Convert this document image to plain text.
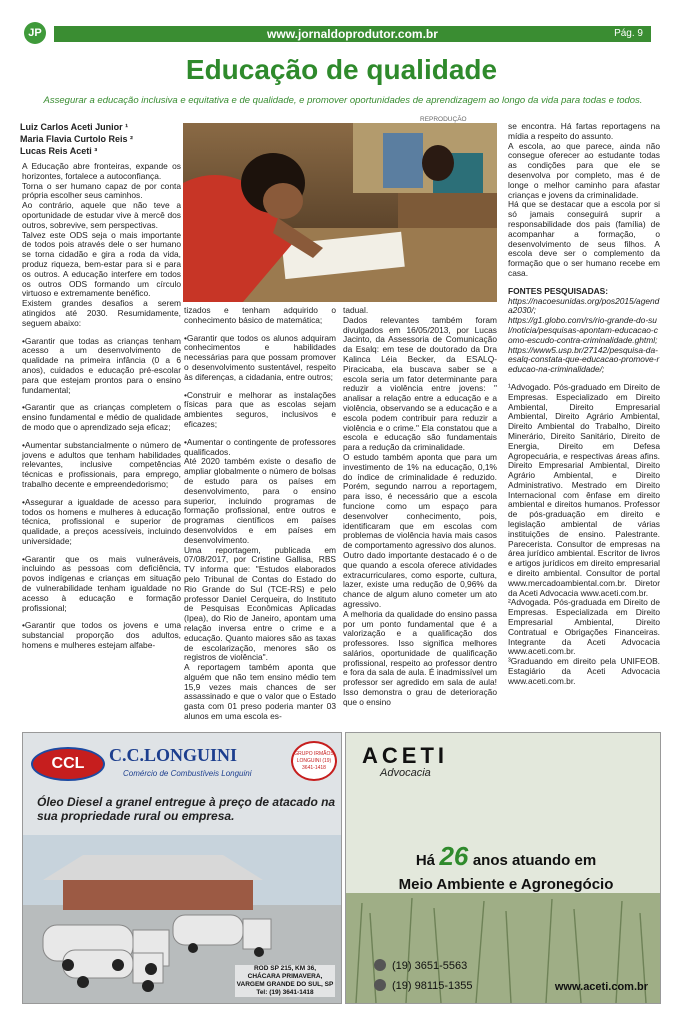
JP	www.jornaldoprodutor.com.br	Pág. 9
Educação de qualidade
Assegurar a educação inclusiva e equitativa e de qualidade, e promover oportunidades de aprendizagem ao longo da vida para todas e todos.
Luiz Carlos Aceti Junior ¹
Maria Flavia Curtolo Reis ²
Lucas Reis Aceti ³
REPRODUÇÃO

A Educação abre fronteiras, expande os horizontes, fortalece a autoconfiança.

Torna o ser humano capaz de por conta própria escolher seus caminhos.

Ao contrário, aquele que não teve a oportunidade de estudar vive à mercê dos outros, sobrevive, sem perspectivas.

Talvez este ODS seja o mais importante de todos pois através dele o ser humano se torna cidadão e gira a roda da vida, produz riqueza, bem-estar para si e para os outros. A educação interfere em todos os outros ODS formando um círculo virtuoso e extremamente benéfico.

Existem grandes desafios a serem atingidos até 2030. Resumidamente, seguem abaixo:

•Garantir que todas as crianças tenham acesso a um desenvolvimento de qualidade na primeira infância (0 a 6 anos), cuidados e educação pré-escolar para que estejam prontos para o ensino fundamental;

•Garantir que as crianças completem o ensino fundamental e médio de qualidade de modo que o aprendizado seja eficaz;

•Aumentar substancialmente o número de jovens e adultos que tenham habilidades relevantes, inclusive competências técnicas e profissionais, para emprego, trabalho decente e empreendedorismo;

•Assegurar a igualdade de acesso para todos os homens e mulheres à educação técnica, profissional e superior de qualidade, a preços acessíveis, incluindo universidade;

•Garantir que os mais vulneráveis, incluindo as pessoas com deficiência, povos indígenas e crianças em situação de vulnerabilidade tenham igualdade no acesso à educação e formação profissional;

•Garantir que todos os jovens e uma substancial proporção dos adultos, homens e mulheres estejam alfabe-

tizados e tenham adquirido o conhecimento básico de matemática;

•Garantir que todos os alunos adquiram conhecimentos e habilidades necessárias para que possam promover o desenvolvimento sustentável, respeito às diferenças, a cidadania, entre outros;

•Construir e melhorar as instalações físicas para que as escolas sejam ambientes seguros, inclusivos e eficazes;

•Aumentar o contingente de professores qualificados.

Até 2020 também existe o desafio de ampliar globalmente o número de bolsas de estudo para os países em desenvolvimento, para o ensino superior, incluindo programas de formação profissional, entre outros e programas científicos em países desenvolvidos e em países em desenvolvimento.

Uma reportagem, publicada em 07/08/2017, por Cristine Gallisa, RBS TV informa que: "Estudos elaborados pelo Tribunal de Contas do Estado do Rio Grande do Sul (TCE-RS) e pelo professor Daniel Cerqueira, do Instituto de Pesquisas Econômicas Aplicadas (Ipea), do Rio de Janeiro, apontam uma relação inversa entre o crime e a educação. Quanto maiores são as taxas de escolarização, menores são os registros de violência".

A reportagem também aponta que alguém que não tem ensino médio tem 15,9 vezes mais chances de ser assassinado e que o valor que o Estado gasta com 01 preso poderia manter 03 alunos em uma escola es-

tadual.

Dados relevantes também foram divulgados em 16/05/2013, por Lucas Jacinto, da Assessoria de Comunicação da Esalq: em tese de doutorado da Dra Kalinca Léia Becker, da ESALQ- Piracicaba, ela buscava saber se a escola seria um fator determinante para reduzir a violência entre jovens: " analisar a relação entre a educação e a violência, observando se a educação e a escola podem contribuir para reduzir a violência e o crime." Ela constatou que a escola e educação são fundamentais para a redução da criminalidade.

O estudo também aponta que para um investimento de 1% na educação, 0,1% do índice de criminalidade é reduzido. Porém, segundo narrou a reportagem, para isso, é necessário que a escola funcione como um espaço para desenvolver conhecimento, pois, identificaram que em escolas com problemas de violência havia mais casos de comportamento agressivo dos alunos.

Outro dado importante destacado é o de que quando a escola oferece atividades extracurriculares, como esporte, cultura, lazer, existe uma redução de 0,96% da chance de algum aluno cometer um ato agressivo.

A melhoria da qualidade do ensino passa por um ponto fundamental que é a valorização e a qualificação dos professores. Isso significa melhores salários, oportunidade de qualificação profissional, respeito ao professor dentro e fora da sala de aula. É inadmissível um professor ser agredido em sala de aula! Isso demonstra o grau de deterioração que o ensino

se encontra. Há fartas reportagens na mídia a respeito do assunto.

A escola, ao que parece, ainda não consegue oferecer ao estudante todas as condições para que ele se desenvolva por completo, mas é de longe o melhor caminho para afastar crianças e jovens da criminalidade.

Há que se destacar que a escola por si só jamais conseguirá suprir a responsabilidade dos pais (família) de acompanhar a formação, o desenvolvimento de seus filhos. A escola deve ser o complemento da formação que o ser humano recebe em casa.

FONTES PESQUISADAS:

https://nacoesunidas.org/pos2015/agenda2030/;

https://g1.globo.com/rs/rio-grande-do-sul/noticia/pesquisas-apontam-educacao-como-escudo-contra-criminalidade.ghtml;

https://www5.usp.br/27142/pesquisa-da-esalq-constata-que-educacao-promove-reducao-na-criminalidade/;

¹Advogado. Pós-graduado em Direito de Empresas. Especializado em Direito Ambiental, Direito Empresarial Ambiental, Direito Agrário Ambiental, Direito Ambiental do Trabalho, Direito Minerário, Direito Sanitário, Direito de Energia, Direito em Defesa Agropecuária, e respectivas áreas afins. Direito Empresarial Ambiental, Direito Agrário Ambiental, e Direito Administrativo. Mestrado em Direito Internacional com ênfase em direito ambiental e direitos humanos. Professor de pós-graduação em direito e legislação ambiental de várias instituições de ensino. Palestrante. Parecerista. Consultor de empresas na área jurídico ambiental. Escritor de livros e artigos jurídicos em direito empresarial e direito ambiental. Consultor de portal www.mercadoambiental.com.br. Diretor da Aceti Advocacia www.aceti.com.br.

²Advogada. Pós-graduada em Direito de Empresas. Especializada em Direito Empresarial Ambiental, Direito Contratual e Obrigações Financeiras. Integrante da Aceti Advocacia www.aceti.com.br.

³Graduando em direito pela UNIFEOB. Estagiário da Aceti Advocacia www.aceti.com.br.

CCL	C.C.LONGUINI
Comércio de Combustíveis Longuini
GRUPO IRMÃOS LONGUINI (19) 3641-1418
Óleo Diesel a granel entregue à preço de atacado na sua propriedade rural ou empresa.
ROD SP 215, KM 36,
CHÁCARA PRIMAVERA,
VARGEM GRANDE DO SUL, SP
Tel: (19) 3641-1418
ACETI
Advocacia
Há 26 anos atuando em
Meio Ambiente e Agronegócio
(19) 3651-5563
(19) 98115-1355	www.aceti.com.br
